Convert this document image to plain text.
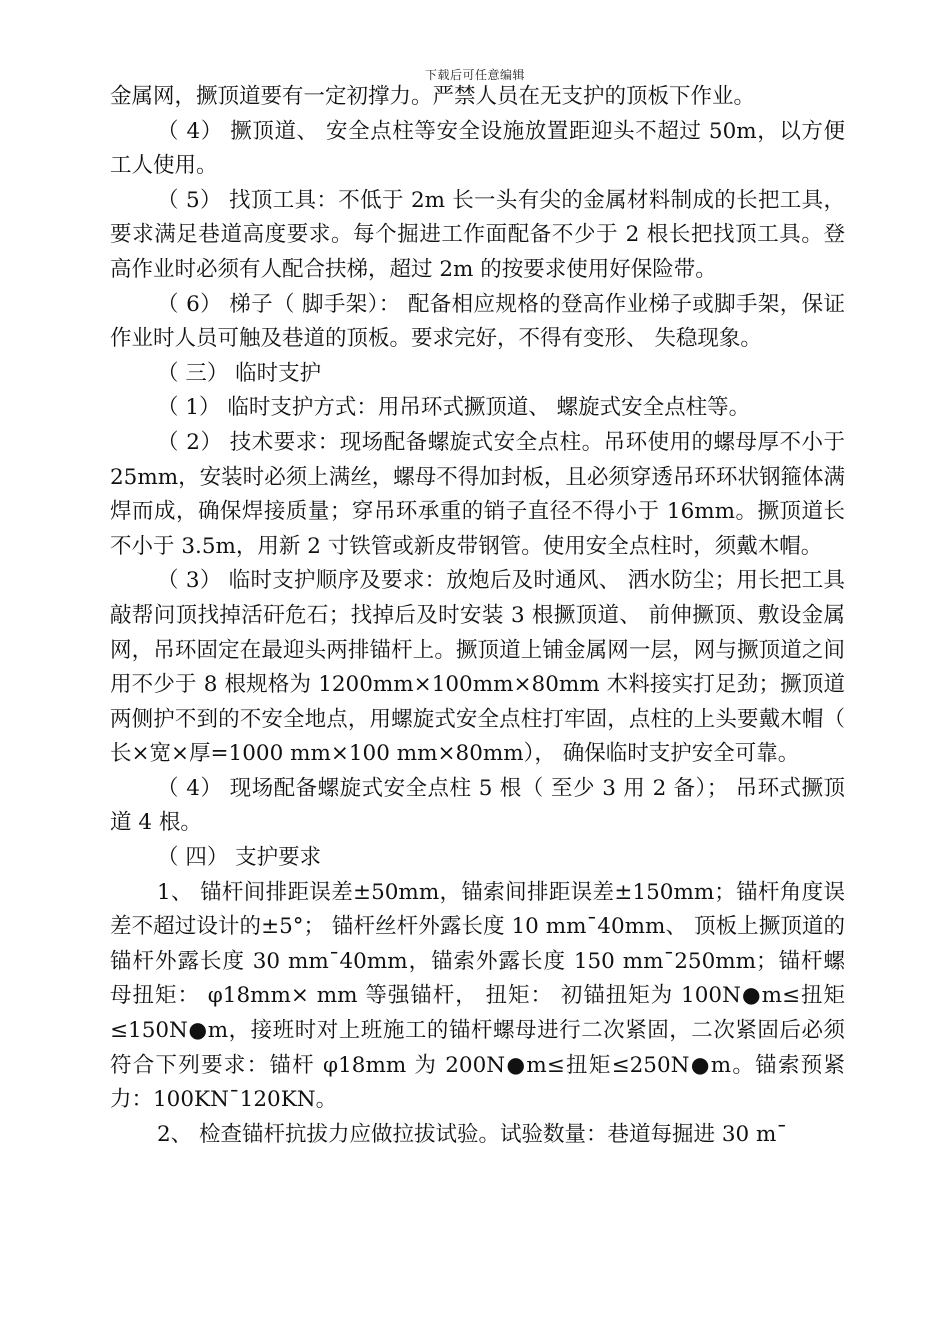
下载后可任意编辑

金属网，撅顶道要有一定初撑力。严禁人员在无支护的顶板下作业。

（ 4） 撅顶道、 安全点柱等安全设施放置距迎头不超过 50m，以方便工人使用。

（ 5） 找顶工具：不低于 2m 长一头有尖的金属材料制成的长把工具，要求满足巷道高度要求。每个掘进工作面配备不少于 2 根长把找顶工具。登高作业时必须有人配合扶梯，超过 2m 的按要求使用好保险带。

（ 6） 梯子（ 脚手架）： 配备相应规格的登高作业梯子或脚手架，保证作业时人员可触及巷道的顶板。要求完好，不得有变形、 失稳现象。

（ 三） 临时支护

（ 1） 临时支护方式：用吊环式撅顶道、 螺旋式安全点柱等。

（ 2） 技术要求：现场配备螺旋式安全点柱。吊环使用的螺母厚不小于 25mm，安装时必须上满丝，螺母不得加封板，且必须穿透吊环环状钢箍体满焊而成，确保焊接质量；穿吊环承重的销子直径不得小于 16mm。撅顶道长不小于 3.5m，用新 2 寸铁管或新皮带钢管。使用安全点柱时，须戴木帽。

（ 3） 临时支护顺序及要求：放炮后及时通风、 洒水防尘；用长把工具敲帮问顶找掉活矸危石；找掉后及时安装 3 根撅顶道、 前伸撅顶、敷设金属网，吊环固定在最迎头两排锚杆上。撅顶道上铺金属网一层，网与撅顶道之间用不少于 8 根规格为 1200mm×100mm×80mm 木料接实打足劲；撅顶道两侧护不到的不安全地点，用螺旋式安全点柱打牢固，点柱的上头要戴木帽（ 长×宽×厚=1000 mm×100 mm×80mm）， 确保临时支护安全可靠。

（ 4） 现场配备螺旋式安全点柱 5 根（ 至少 3 用 2 备）； 吊环式撅顶道 4 根。

（ 四） 支护要求

1、 锚杆间排距误差±50mm，锚索间排距误差±150mm；锚杆角度误差不超过设计的±5°； 锚杆丝杆外露长度 10 mm¯40mm、 顶板上撅顶道的锚杆外露长度 30 mm¯40mm，锚索外露长度 150 mm¯250mm；锚杆螺母扭矩： φ18mm× mm 等强锚杆， 扭矩： 初锚扭矩为 100N●m≤扭矩≤150N●m，接班时对上班施工的锚杆螺母进行二次紧固，二次紧固后必须符合下列要求：锚杆 φ18mm 为 200N●m≤扭矩≤250N●m。锚索预紧力：100KN¯120KN。

2、 检查锚杆抗拔力应做拉拔试验。试验数量：巷道每掘进 30 m¯
